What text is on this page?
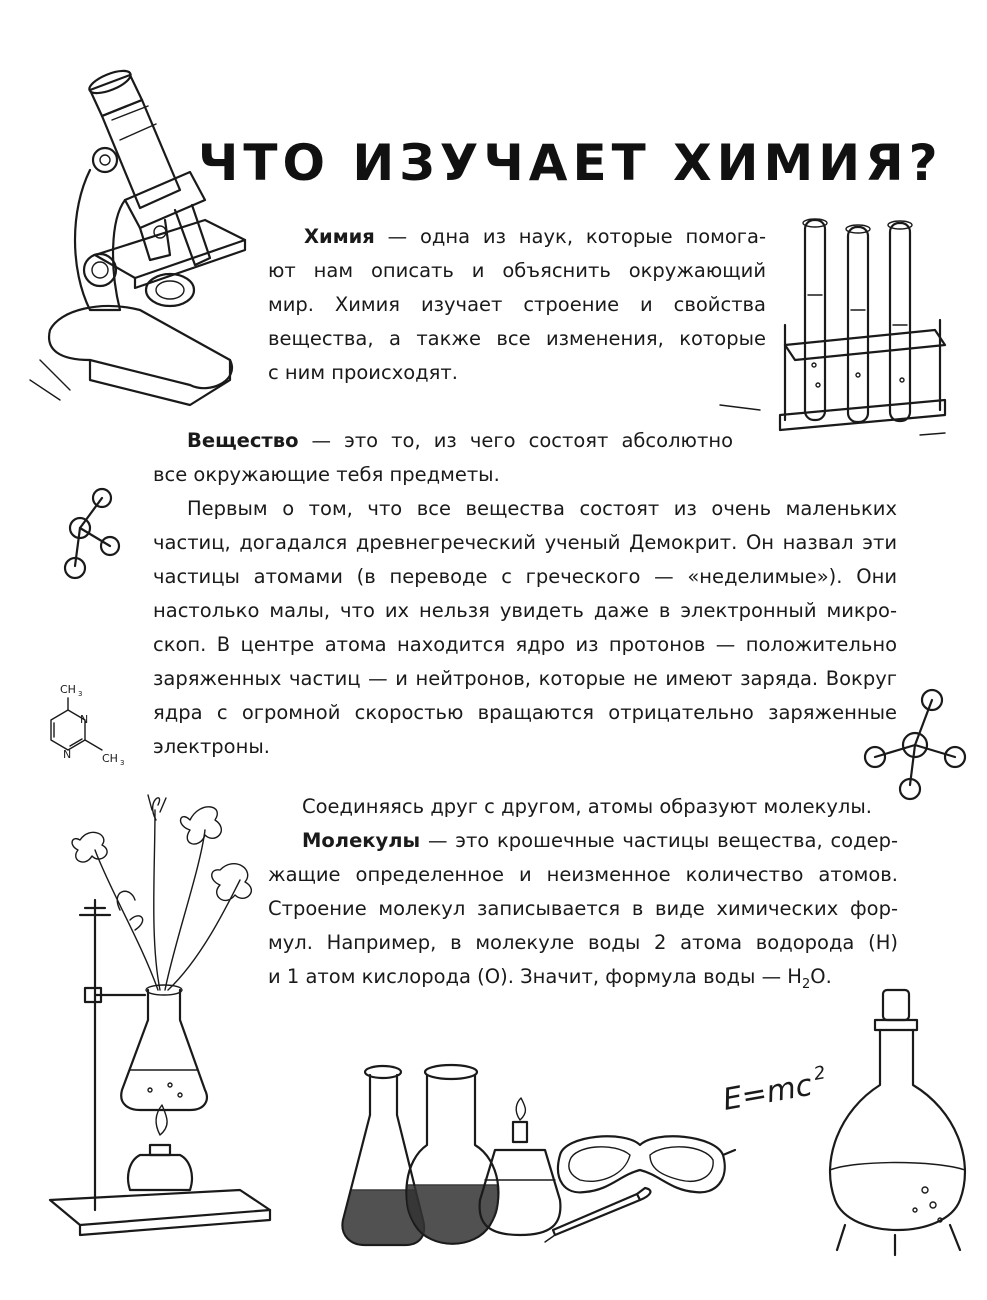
ЧТО ИЗУЧАЕТ ХИМИЯ?
Химия — одна из наук, которые помога-
ют нам описать и объяснить окружающий
мир. Химия изучает строение и свойства
вещества, а также все изменения, которые
с ним происходят.
Вещество — это то, из чего состоят абсолютно
все окружающие тебя предметы.
Первым о том, что все вещества состоят из очень маленьких
частиц, догадался древнегреческий ученый Демокрит. Он назвал эти
частицы атомами (в переводе с греческого — «неделимые»). Они
настолько малы, что их нельзя увидеть даже в электронный микро-
скоп. В центре атома находится ядро из протонов — положительно
заряженных частиц — и нейтронов, которые не имеют заряда. Вокруг
ядра с огромной скоростью вращаются отрицательно заряженные
электроны.
Соединяясь друг с другом, атомы образуют молекулы.
Молекулы — это крошечные частицы вещества, содер-
жащие определенное и неизменное количество атомов.
Строение молекул записывается в виде химических фор-
мул. Например, в молекуле воды 2 атома водорода (Н)
и 1 атом кислорода (О). Значит, формула воды — $Н_2О$.
CH 3
N
N	CH 3
E=mc
2
